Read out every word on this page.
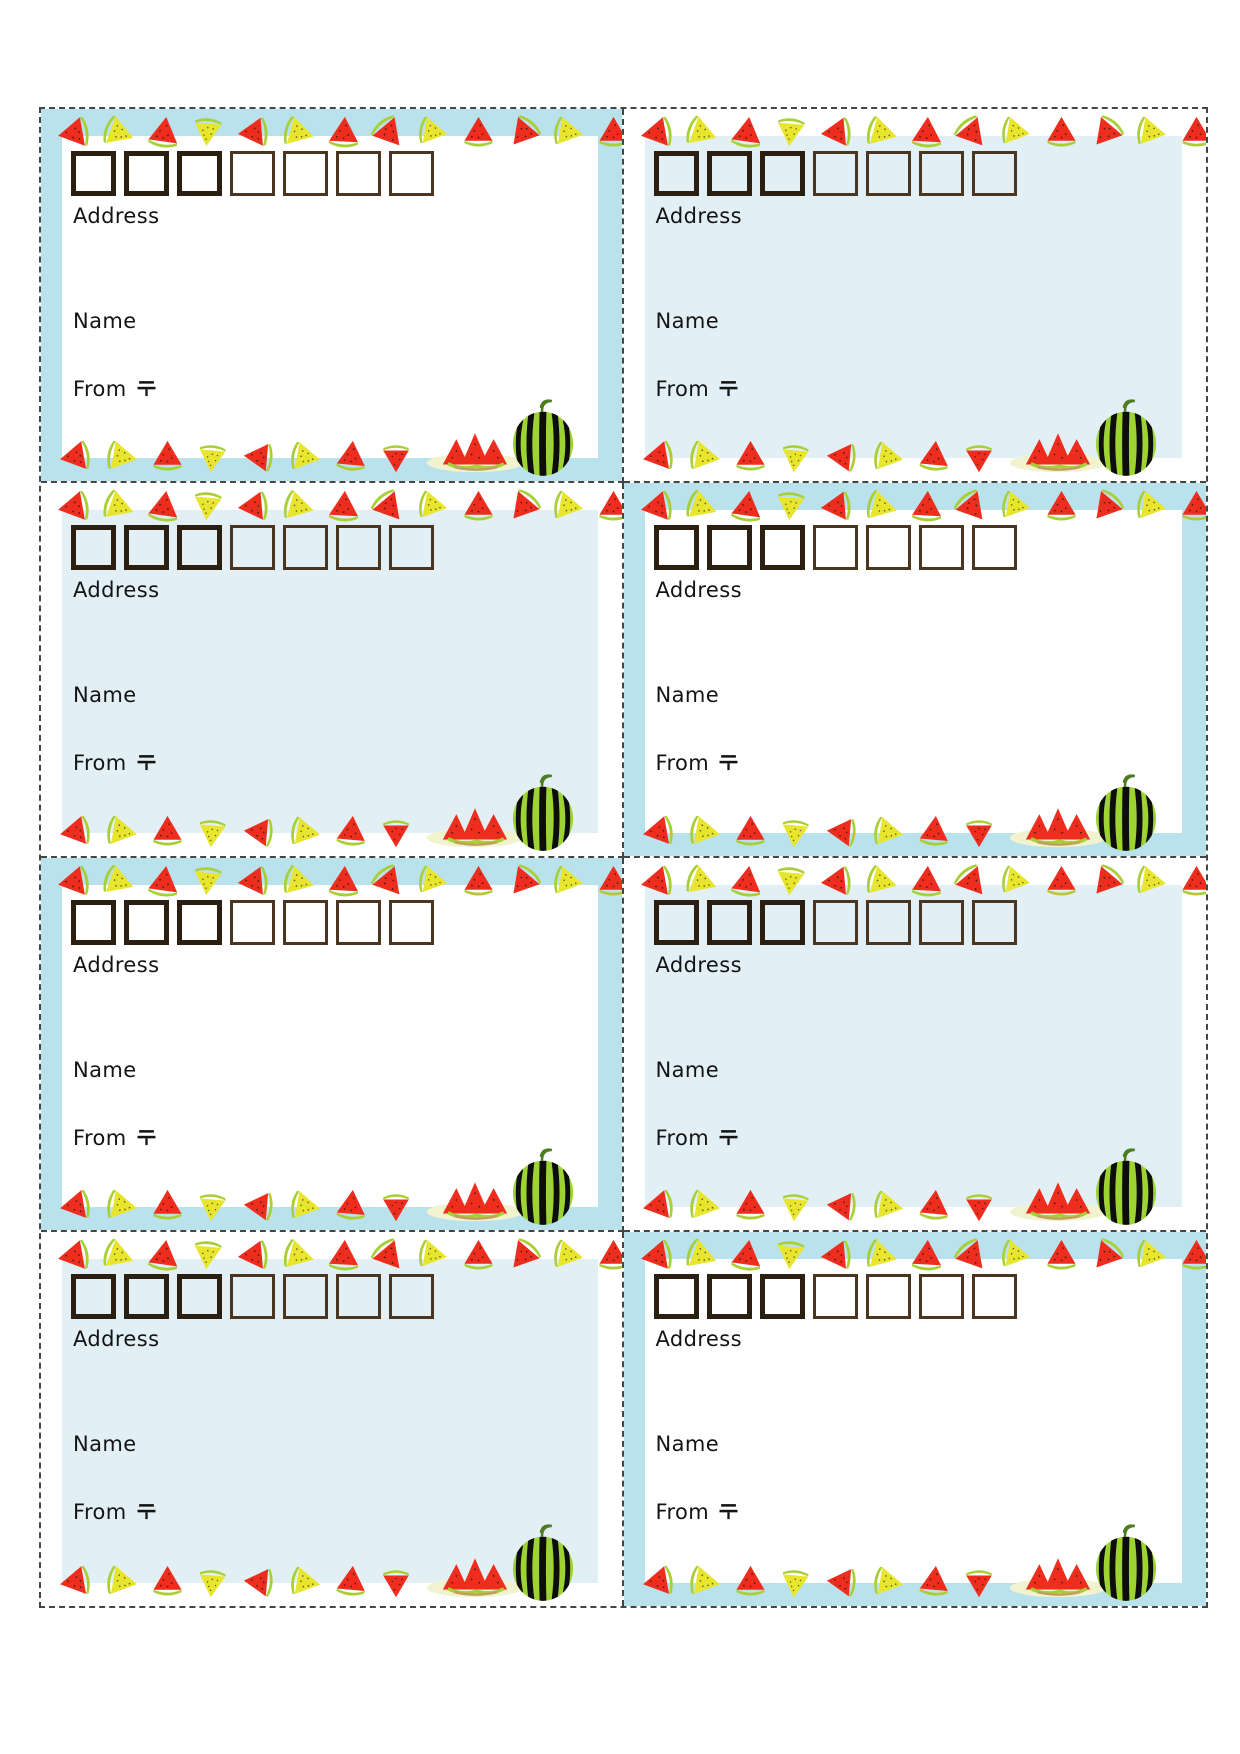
Address
Name
From
Address
Name
From
Address
Name
From
Address
Name
From
Address
Name
From
Address
Name
From
Address
Name
From
Address
Name
From
